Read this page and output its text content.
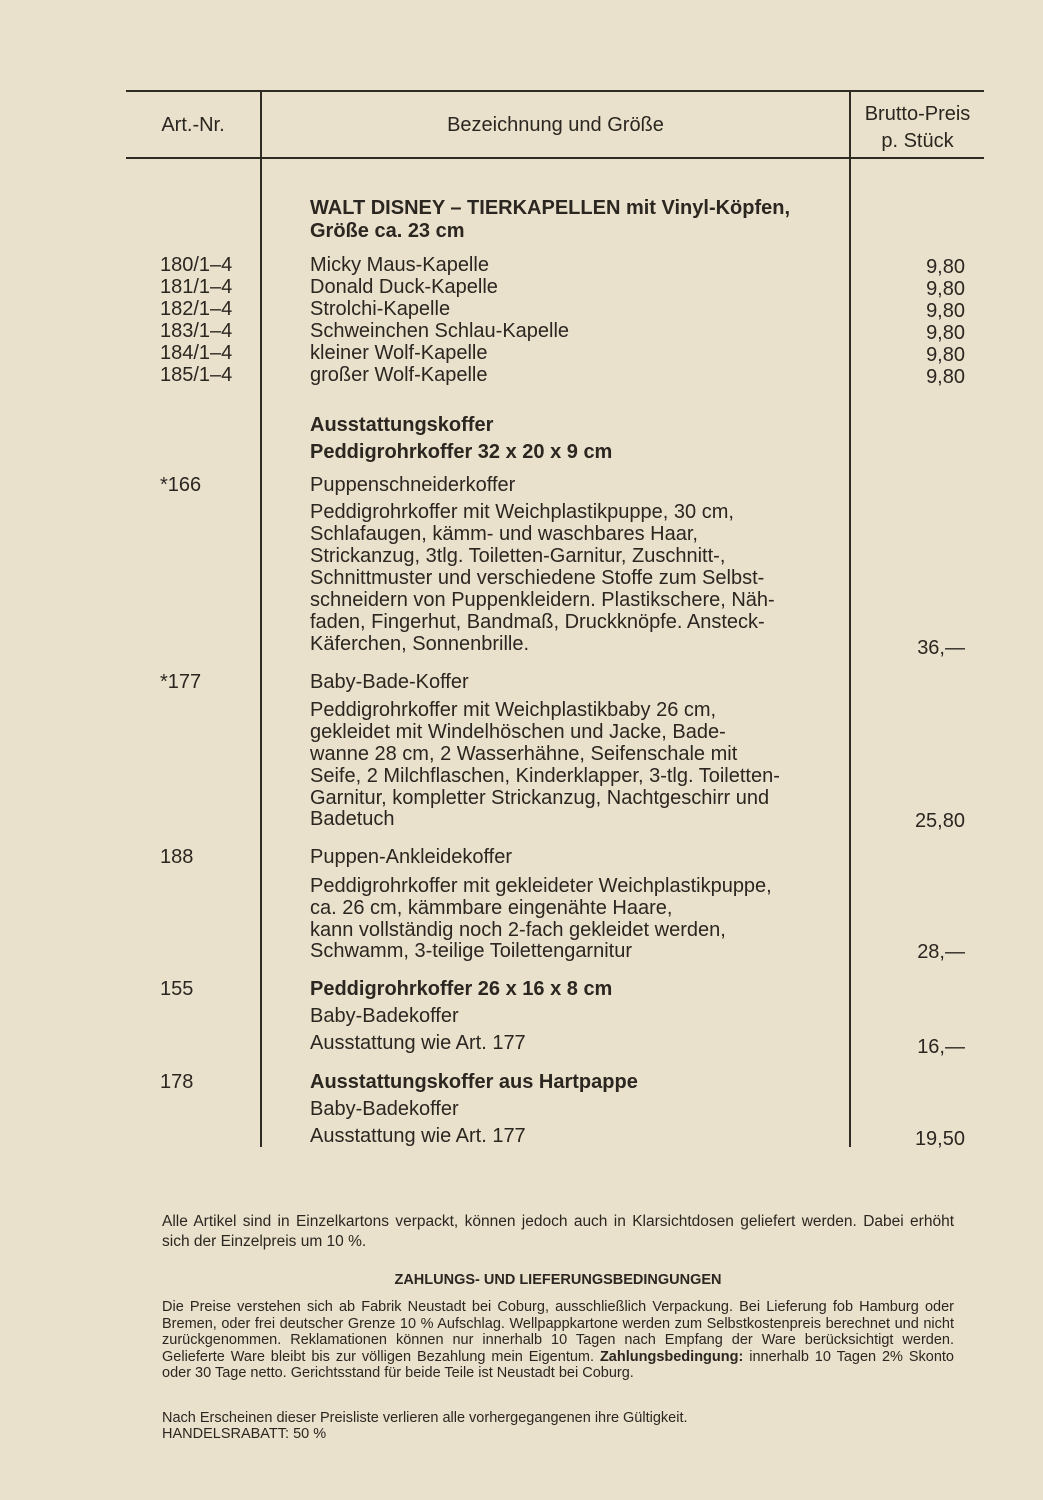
Art.-Nr.	Bezeichnung und Größe	Brutto-Preis
p. Stück
WALT DISNEY – TIERKAPELLEN mit Vinyl-Köpfen,
Größe ca. 23 cm
180/1–4	Micky Maus-Kapelle	9,80
181/1–4	Donald Duck-Kapelle	9,80
182/1–4	Strolchi-Kapelle	9,80
183/1–4	Schweinchen Schlau-Kapelle	9,80
184/1–4	kleiner Wolf-Kapelle	9,80
185/1–4	großer Wolf-Kapelle	9,80
Ausstattungskoffer
Peddigrohrkoffer 32 x 20 x 9 cm
*166	Puppenschneiderkoffer
Peddigrohrkoffer mit Weichplastikpuppe, 30 cm,
Schlafaugen, kämm- und waschbares Haar,
Strickanzug, 3tlg. Toiletten-Garnitur, Zuschnitt-,
Schnittmuster und verschiedene Stoffe zum Selbst-
schneidern von Puppenkleidern. Plastikschere, Näh-
faden, Fingerhut, Bandmaß, Druckknöpfe. Ansteck-
Käferchen, Sonnenbrille.	36,—
*177	Baby-Bade-Koffer
Peddigrohrkoffer mit Weichplastikbaby 26 cm,
gekleidet mit Windelhöschen und Jacke, Bade-
wanne 28 cm, 2 Wasserhähne, Seifenschale mit
Seife, 2 Milchflaschen, Kinderklapper, 3-tlg. Toiletten-
Garnitur, kompletter Strickanzug, Nachtgeschirr und
Badetuch	25,80
188	Puppen-Ankleidekoffer
Peddigrohrkoffer mit gekleideter Weichplastikpuppe,
ca. 26 cm, kämmbare eingenähte Haare,
kann vollständig noch 2-fach gekleidet werden,
Schwamm, 3-teilige Toilettengarnitur	28,—
155	Peddigrohrkoffer 26 x 16 x 8 cm
Baby-Badekoffer
Ausstattung wie Art. 177	16,—
178	Ausstattungskoffer aus Hartpappe
Baby-Badekoffer
Ausstattung wie Art. 177	19,50
Alle Artikel sind in Einzelkartons verpackt, können jedoch auch in Klarsichtdosen geliefert werden. Dabei erhöht sich der Einzelpreis um 10 %.
ZAHLUNGS- UND LIEFERUNGSBEDINGUNGEN
Die Preise verstehen sich ab Fabrik Neustadt bei Coburg, ausschließlich Verpackung. Bei Lieferung fob Hamburg oder Bremen, oder frei deutscher Grenze 10 % Aufschlag. Wellpappkartone werden zum Selbstkostenpreis berechnet und nicht zurückgenommen. Reklamationen können nur innerhalb 10 Tagen nach Empfang der Ware berücksichtigt werden. Gelieferte Ware bleibt bis zur völligen Bezahlung mein Eigentum. Zahlungsbedingung: innerhalb 10 Tagen 2% Skonto oder 30 Tage netto. Gerichtsstand für beide Teile ist Neustadt bei Coburg.
Nach Erscheinen dieser Preisliste verlieren alle vorhergegangenen ihre Gültigkeit.
HANDELSRABATT: 50 %
